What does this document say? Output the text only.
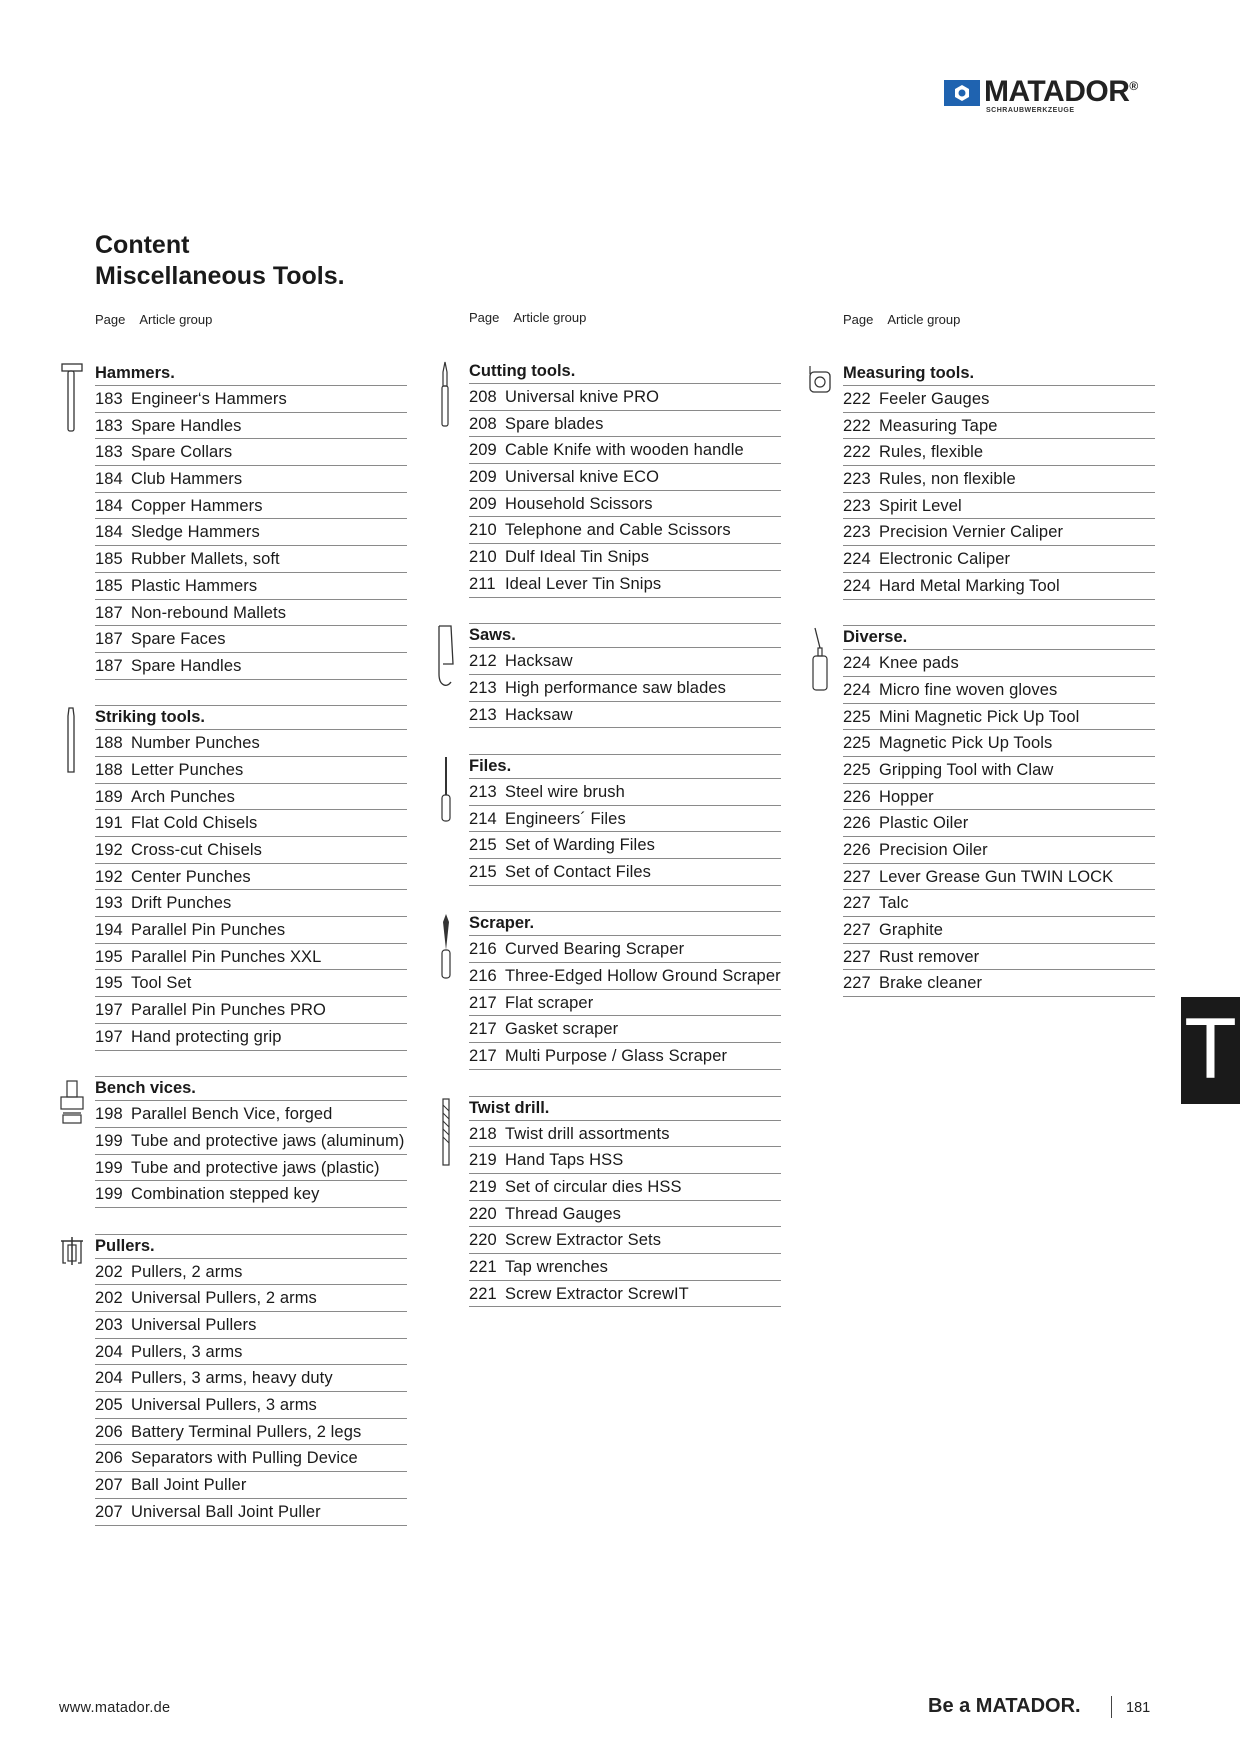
MATADOR®
SCHRAUBWERKZEUGE
Content
Miscellaneous Tools.
Page Article group
Hammers.
183 Engineer‘s Hammers
183 Spare Handles
183 Spare Collars
184 Club Hammers
184 Copper Hammers
184 Sledge Hammers
185 Rubber Mallets, soft
185 Plastic Hammers
187 Non-rebound Mallets
187 Spare Faces
187 Spare Handles
Striking tools.
188 Number Punches
188 Letter Punches
189 Arch Punches
191 Flat Cold Chisels
192 Cross-cut Chisels
192 Center Punches
193 Drift Punches
194 Parallel Pin Punches
195 Parallel Pin Punches XXL
195 Tool Set
197 Parallel Pin Punches PRO
197 Hand protecting grip
Bench vices.
198 Parallel Bench Vice, forged
199 Tube and protective jaws (aluminum)
199 Tube and protective jaws (plastic)
199 Combination stepped key
Pullers.
202 Pullers, 2 arms
202 Universal Pullers, 2 arms
203 Universal Pullers
204 Pullers, 3 arms
204 Pullers, 3 arms, heavy duty
205 Universal Pullers, 3 arms
206 Battery Terminal Pullers, 2 legs
206 Separators with Pulling Device
207 Ball Joint Puller
207 Universal Ball Joint Puller
Page Article group
Cutting tools.
208 Universal knive PRO
208 Spare blades
209 Cable Knife with wooden handle
209 Universal knive ECO
209 Household Scissors
210 Telephone and Cable Scissors
210 Dulf Ideal Tin Snips
211 Ideal Lever Tin Snips
Saws.
212 Hacksaw
213 High performance saw blades
213 Hacksaw
Files.
213 Steel wire brush
214 Engineers´ Files
215 Set of Warding Files
215 Set of Contact Files
Scraper.
216 Curved Bearing Scraper
216 Three-Edged Hollow Ground Scraper
217 Flat scraper
217 Gasket scraper
217 Multi Purpose / Glass Scraper
Twist drill.
218 Twist drill assortments
219 Hand Taps HSS
219 Set of circular dies HSS
220 Thread Gauges
220 Screw Extractor Sets
221 Tap wrenches
221 Screw Extractor ScrewIT
Page Article group
Measuring tools.
222 Feeler Gauges
222 Measuring Tape
222 Rules, flexible
223 Rules, non flexible
223 Spirit Level
223 Precision Vernier Caliper
224 Electronic Caliper
224 Hard Metal Marking Tool
Diverse.
224 Knee pads
224 Micro fine woven gloves
225 Mini Magnetic Pick Up Tool
225 Magnetic Pick Up Tools
225 Gripping Tool with Claw
226 Hopper
226 Plastic Oiler
226 Precision Oiler
227 Lever Grease Gun TWIN LOCK
227 Talc
227 Graphite
227 Rust remover
227 Brake cleaner
T
www.matador.de	Be a MATADOR.	181
